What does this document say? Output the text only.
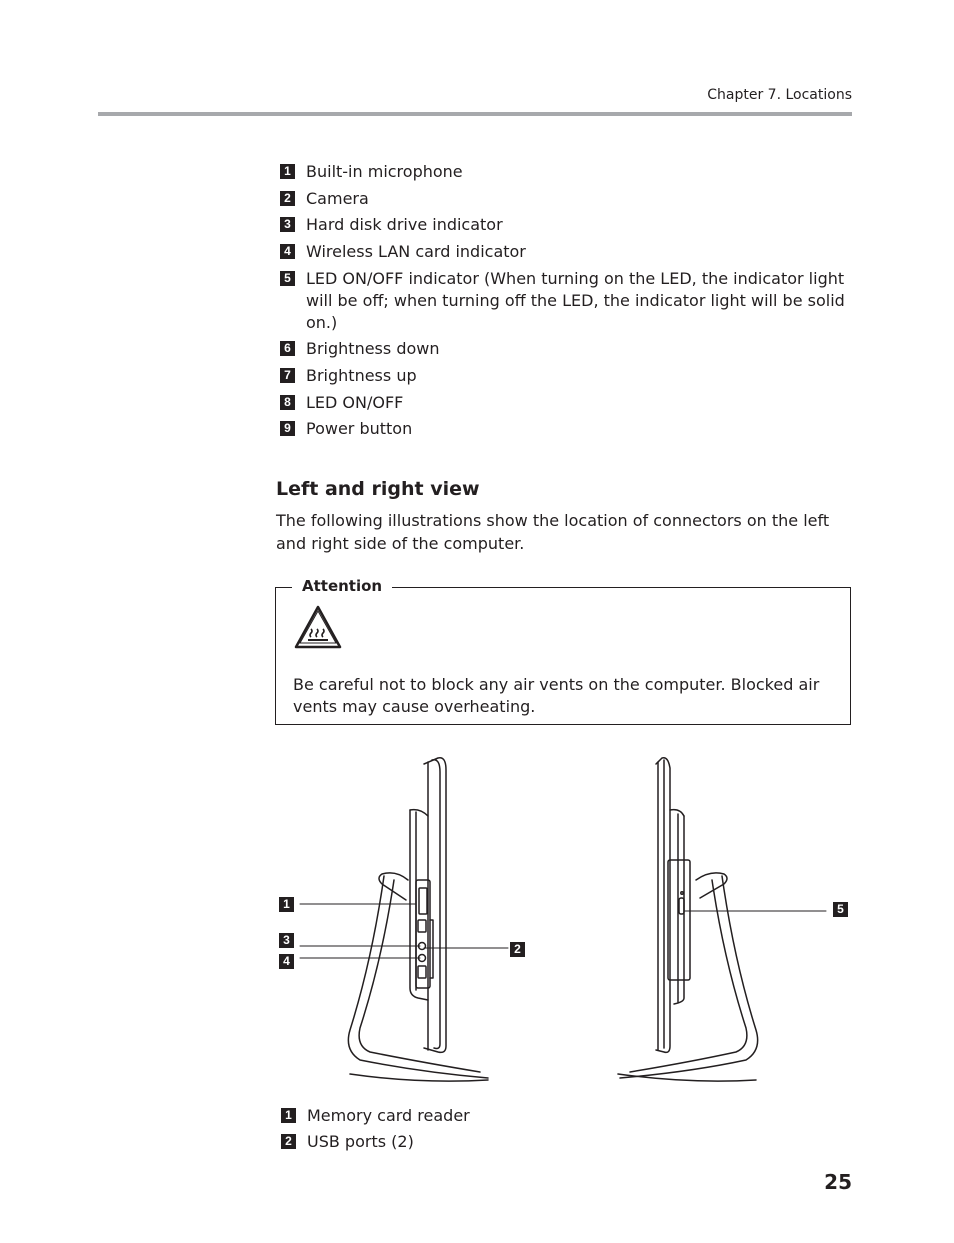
Chapter 7. Locations
1 Built-in microphone
2 Camera
3 Hard disk drive indicator
4 Wireless LAN card indicator
5 LED ON/OFF indicator (When turning on the LED, the indicator light will be off; when turning off the LED, the indicator light will be solid on.)
6 Brightness down
7 Brightness up
8 LED ON/OFF
9 Power button
Left and right view
The following illustrations show the location of connectors on the left and right side of the computer.
Attention
Be careful not to block any air vents on the computer. Blocked air vents may cause overheating.
1
3
4
2
5
1 Memory card reader
2 USB ports (2)
25
